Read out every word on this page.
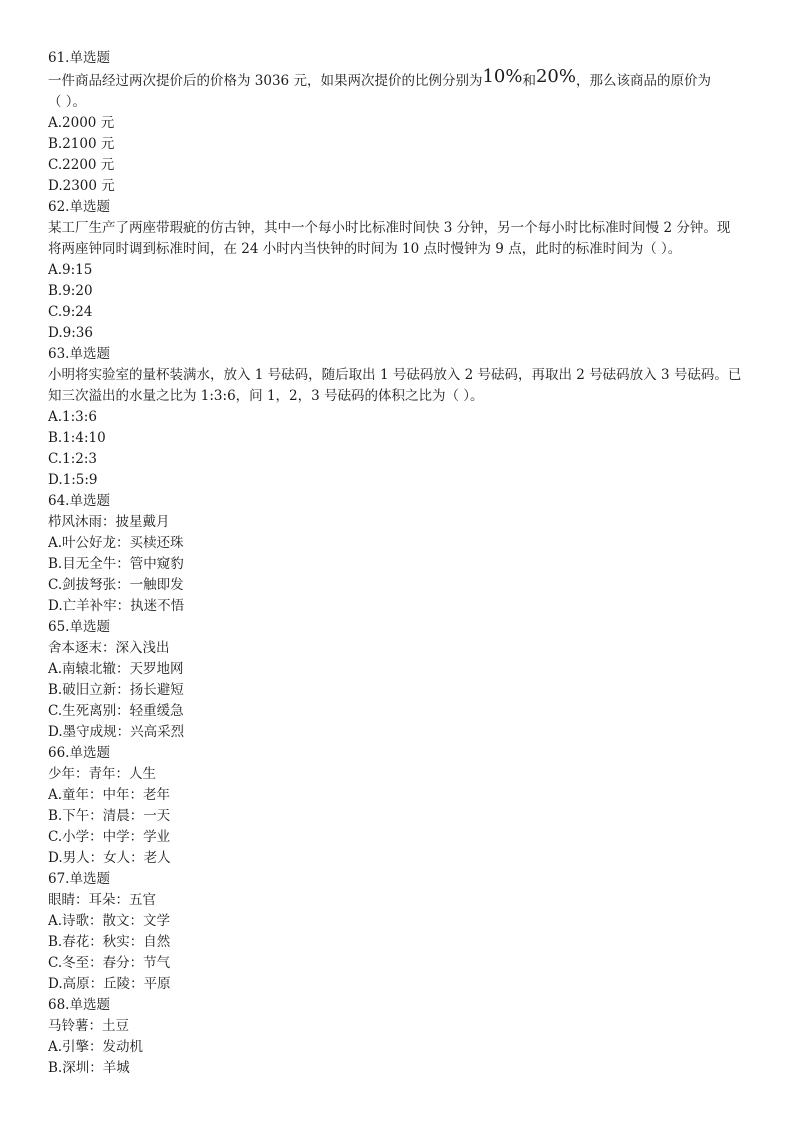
61.单选题

一件商品经过两次提价后的价格为 3036 元，如果两次提价的比例分别为10%和20%，那么该商品的原价为

（ ）。

A.2000 元

B.2100 元

C.2200 元

D.2300 元

62.单选题

某工厂生产了两座带瑕疵的仿古钟，其中一个每小时比标准时间快 3 分钟，另一个每小时比标准时间慢 2 分钟。现

将两座钟同时调到标准时间，在 24 小时内当快钟的时间为 10 点时慢钟为 9 点，此时的标准时间为（ ）。

A.9:15

B.9:20

C.9:24

D.9:36

63.单选题

小明将实验室的量杯装满水，放入 1 号砝码，随后取出 1 号砝码放入 2 号砝码，再取出 2 号砝码放入 3 号砝码。已

知三次溢出的水量之比为 1:3:6，问 1，2，3 号砝码的体积之比为（ ）。

A.1:3:6

B.1:4:10

C.1:2:3

D.1:5:9

64.单选题

栉风沐雨：披星戴月

A.叶公好龙：买椟还珠

B.目无全牛：管中窥豹

C.剑拔弩张：一触即发

D.亡羊补牢：执迷不悟

65.单选题

舍本逐末：深入浅出

A.南辕北辙：天罗地网

B.破旧立新：扬长避短

C.生死离别：轻重缓急

D.墨守成规：兴高采烈

66.单选题

少年：青年：人生

A.童年：中年：老年

B.下午：清晨：一天

C.小学：中学：学业

D.男人：女人：老人

67.单选题

眼睛：耳朵：五官

A.诗歌：散文：文学

B.春花：秋实：自然

C.冬至：春分：节气

D.高原：丘陵：平原

68.单选题

马铃薯：土豆

A.引擎：发动机

B.深圳：羊城
